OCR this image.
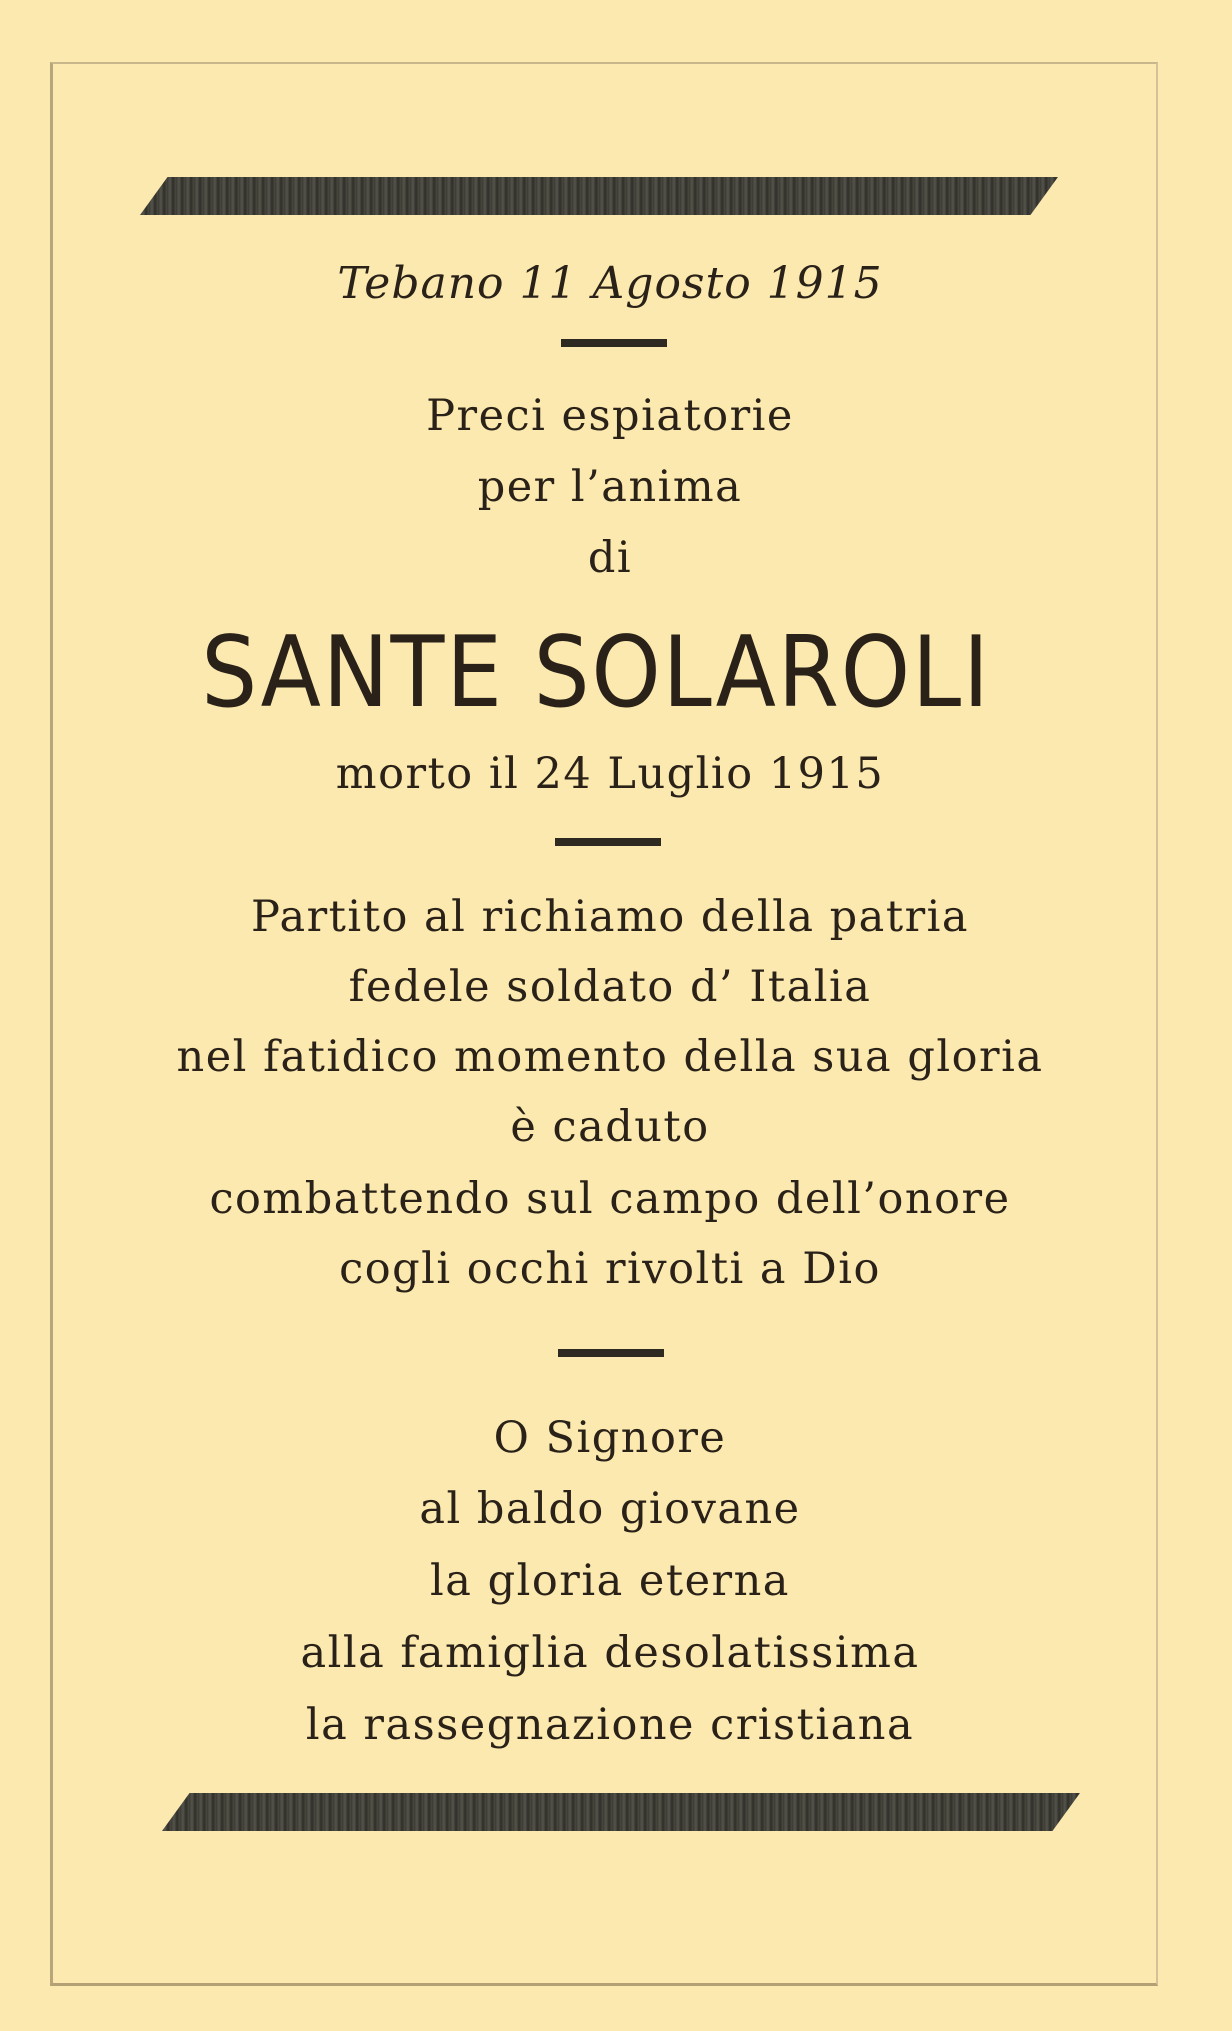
Tebano 11 Agosto 1915
Preci espiatorie
per l’anima
di
SANTE SOLAROLI
morto il 24 Luglio 1915
Partito al richiamo della patria
fedele soldato d’ Italia
nel fatidico momento della sua gloria
è caduto
combattendo sul campo dell’onore
cogli occhi rivolti a Dio
O Signore
al baldo giovane
la gloria eterna
alla famiglia desolatissima
la rassegnazione cristiana
